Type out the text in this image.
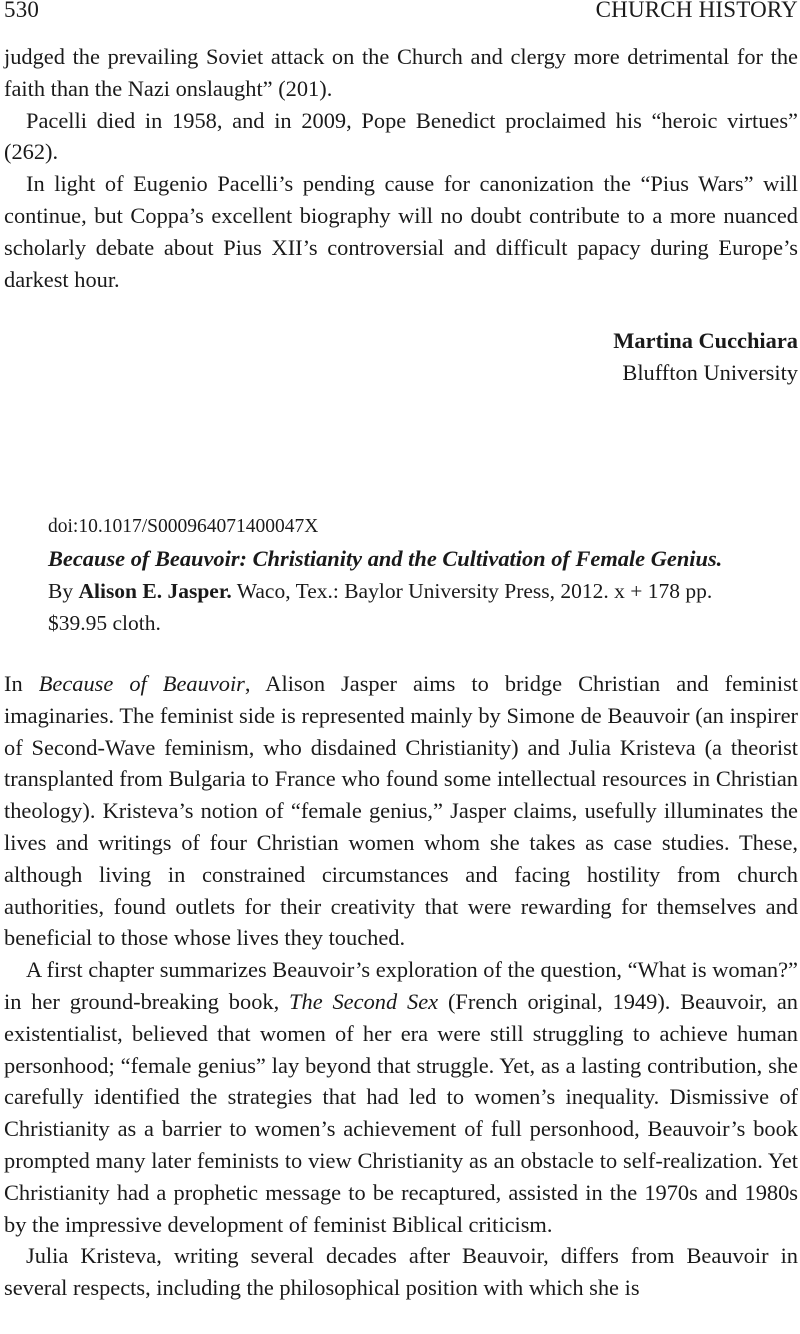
530	CHURCH HISTORY

judged the prevailing Soviet attack on the Church and clergy more detrimental for the faith than the Nazi onslaught” (201).

Pacelli died in 1958, and in 2009, Pope Benedict proclaimed his “heroic virtues” (262).

In light of Eugenio Pacelli’s pending cause for canonization the “Pius Wars” will continue, but Coppa’s excellent biography will no doubt contribute to a more nuanced scholarly debate about Pius XII’s controversial and difficult papacy during Europe’s darkest hour.

Martina Cucchiara
Bluffton University
doi:10.1017/S000964071400047X
Because of Beauvoir: Christianity and the Cultivation of Female Genius. By Alison E. Jasper. Waco, Tex.: Baylor University Press, 2012. x + 178 pp. $39.95 cloth.

In Because of Beauvoir, Alison Jasper aims to bridge Christian and feminist imaginaries. The feminist side is represented mainly by Simone de Beauvoir (an inspirer of Second-Wave feminism, who disdained Christianity) and Julia Kristeva (a theorist transplanted from Bulgaria to France who found some intellectual resources in Christian theology). Kristeva’s notion of “female genius,” Jasper claims, usefully illuminates the lives and writings of four Christian women whom she takes as case studies. These, although living in constrained circumstances and facing hostility from church authorities, found outlets for their creativity that were rewarding for themselves and beneficial to those whose lives they touched.

A first chapter summarizes Beauvoir’s exploration of the question, “What is woman?” in her ground-breaking book, The Second Sex (French original, 1949). Beauvoir, an existentialist, believed that women of her era were still struggling to achieve human personhood; “female genius” lay beyond that struggle. Yet, as a lasting contribution, she carefully identified the strategies that had led to women’s inequality. Dismissive of Christianity as a barrier to women’s achievement of full personhood, Beauvoir’s book prompted many later feminists to view Christianity as an obstacle to self-realization. Yet Christianity had a prophetic message to be recaptured, assisted in the 1970s and 1980s by the impressive development of feminist Biblical criticism.

Julia Kristeva, writing several decades after Beauvoir, differs from Beauvoir in several respects, including the philosophical position with which she is
